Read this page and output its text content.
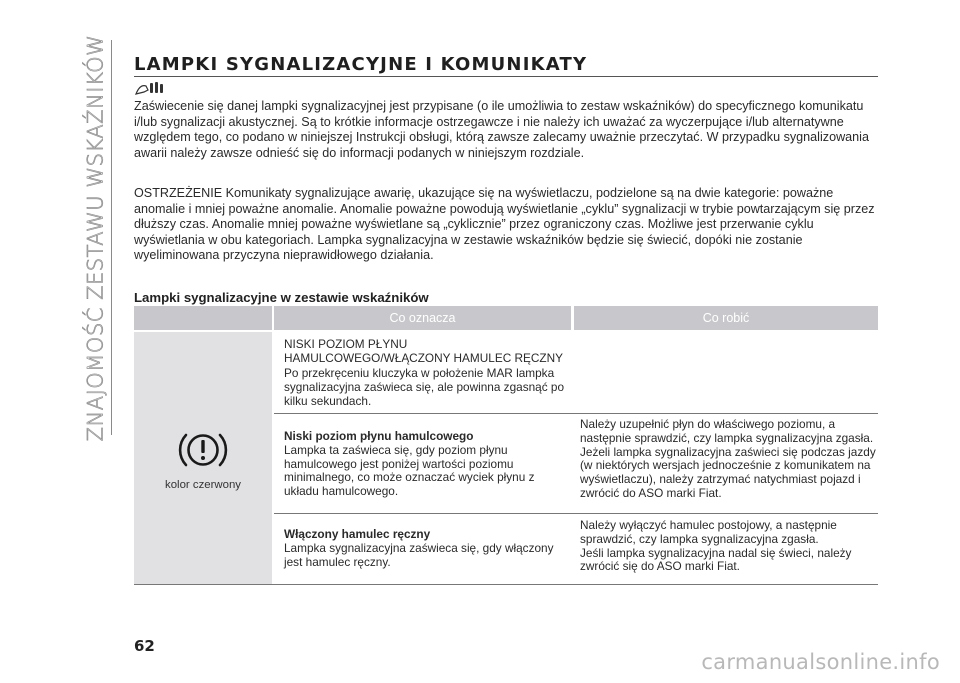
ZNAJOMOŚĆ ZESTAWU WSKAŹNIKÓW LAMPKI SYGNALIZACYJNE I KOMUNIKATY

Zaświecenie się danej lampki sygnalizacyjnej jest przypisane (o ile umożliwia to zestaw wskaźników) do specyficznego komunikatu i/lub sygnalizacji akustycznej. Są to krótkie informacje ostrzegawcze i nie należy ich uważać za wyczerpujące i/lub alternatywne względem tego, co podano w niniejszej Instrukcji obsługi, którą zawsze zalecamy uważnie przeczytać. W przypadku sygnalizowania awarii należy zawsze odnieść się do informacji podanych w niniejszym rozdziale.

OSTRZEŻENIE Komunikaty sygnalizujące awarię, ukazujące się na wyświetlaczu, podzielone są na dwie kategorie: poważne anomalie i mniej poważne anomalie. Anomalie poważne powodują wyświetlanie „cyklu” sygnalizacji w trybie powtarzającym się przez dłuższy czas. Anomalie mniej poważne wyświetlane są „cyklicznie” przez ograniczony czas. Możliwe jest przerwanie cyklu wyświetlania w obu kategoriach. Lampka sygnalizacyjna w zestawie wskaźników będzie się świecić, dopóki nie zostanie wyeliminowana przyczyna nieprawidłowego działania.

Lampki sygnalizacyjne w zestawie wskaźników
Co oznacza	Co robić
kolor czerwony
NISKI POZIOM PŁYNU
HAMULCOWEGO/WŁĄCZONY HAMULEC RĘCZNY
Po przekręceniu kluczyka w położenie MAR lampka sygnalizacyjna zaświeca się, ale powinna zgasnąć po kilku sekundach.
Niski poziom płynu hamulcowego
Lampka ta zaświeca się, gdy poziom płynu hamulcowego jest poniżej wartości poziomu minimalnego, co może oznaczać wyciek płynu z układu hamulcowego.
Należy uzupełnić płyn do właściwego poziomu, a następnie sprawdzić, czy lampka sygnalizacyjna zgasła. Jeżeli lampka sygnalizacyjna zaświeci się podczas jazdy (w niektórych wersjach jednocześnie z komunikatem na wyświetlaczu), należy zatrzymać natychmiast pojazd i zwrócić do ASO marki Fiat.
Włączony hamulec ręczny
Lampka sygnalizacyjna zaświeca się, gdy włączony jest hamulec ręczny.
Należy wyłączyć hamulec postojowy, a następnie sprawdzić, czy lampka sygnalizacyjna zgasła.
Jeśli lampka sygnalizacyjna nadal się świeci, należy zwrócić się do ASO marki Fiat.
62
carmanualsonline.info
